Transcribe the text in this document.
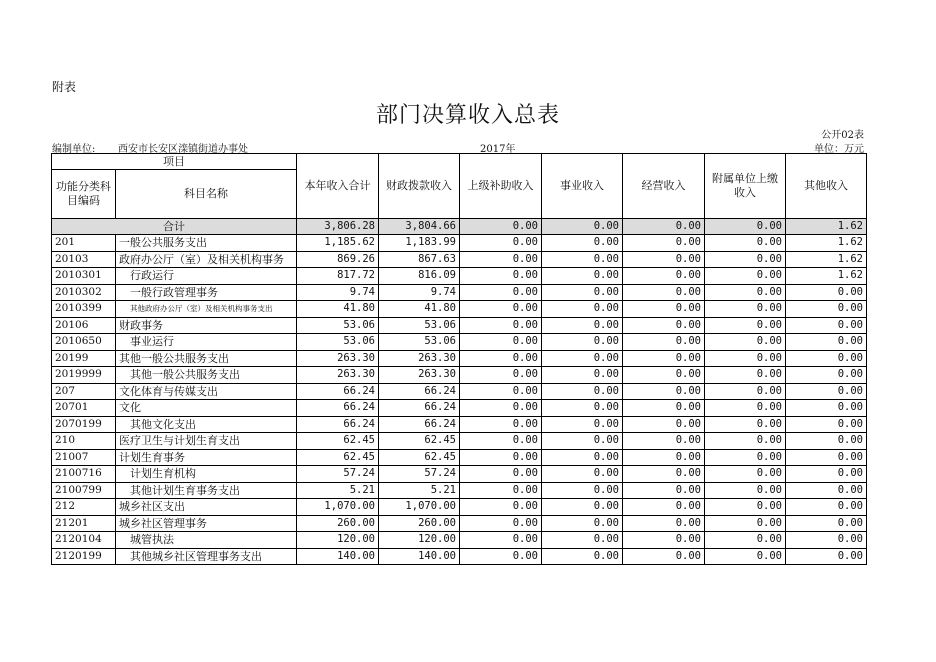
附表
部门决算收入总表
公开02表
编制单位: 西安市长安区滦镇街道办事处	2017年	单位：万元
项目		本年收入合计	财政拨款收入	上级补助收入	事业收入	经营收入	附属单位上缴收入	其他收入
功能分类科目编码	科目名称							
合计		3,806.28	3,804.66	0.00	0.00	0.00	0.00	1.62
201	一般公共服务支出	1,185.62	1,183.99	0.00	0.00	0.00	0.00	1.62
20103	政府办公厅（室）及相关机构事务	869.26	867.63	0.00	0.00	0.00	0.00	1.62
2010301	行政运行	817.72	816.09	0.00	0.00	0.00	0.00	1.62
2010302	一般行政管理事务	9.74	9.74	0.00	0.00	0.00	0.00	0.00
2010399	其他政府办公厅（室）及相关机构事务支出	41.80	41.80	0.00	0.00	0.00	0.00	0.00
20106	财政事务	53.06	53.06	0.00	0.00	0.00	0.00	0.00
2010650	事业运行	53.06	53.06	0.00	0.00	0.00	0.00	0.00
20199	其他一般公共服务支出	263.30	263.30	0.00	0.00	0.00	0.00	0.00
2019999	其他一般公共服务支出	263.30	263.30	0.00	0.00	0.00	0.00	0.00
207	文化体育与传媒支出	66.24	66.24	0.00	0.00	0.00	0.00	0.00
20701	文化	66.24	66.24	0.00	0.00	0.00	0.00	0.00
2070199	其他文化支出	66.24	66.24	0.00	0.00	0.00	0.00	0.00
210	医疗卫生与计划生育支出	62.45	62.45	0.00	0.00	0.00	0.00	0.00
21007	计划生育事务	62.45	62.45	0.00	0.00	0.00	0.00	0.00
2100716	计划生育机构	57.24	57.24	0.00	0.00	0.00	0.00	0.00
2100799	其他计划生育事务支出	5.21	5.21	0.00	0.00	0.00	0.00	0.00
212	城乡社区支出	1,070.00	1,070.00	0.00	0.00	0.00	0.00	0.00
21201	城乡社区管理事务	260.00	260.00	0.00	0.00	0.00	0.00	0.00
2120104	城管执法	120.00	120.00	0.00	0.00	0.00	0.00	0.00
2120199	其他城乡社区管理事务支出	140.00	140.00	0.00	0.00	0.00	0.00	0.00
